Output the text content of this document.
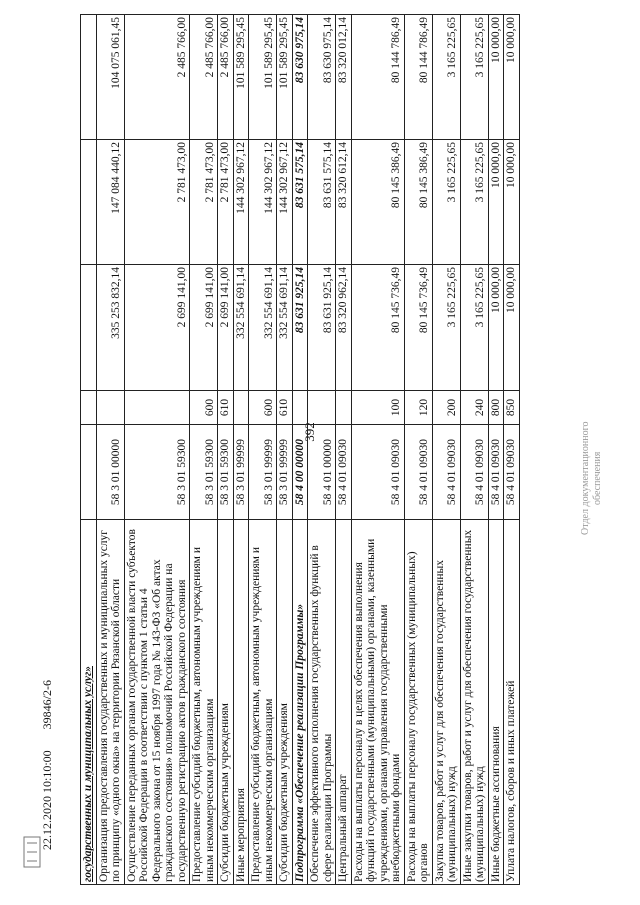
392
государственных и муниципальных услуг»					
Организация предоставления государственных и муниципальных услуг по принципу «одного окна» на территории Рязанской области	58 3 01 00000		335 253 832,14	147 084 440,12	104 075 061,45
Осуществление переданных органам государственной власти субъектов Российской Федерации в соответствии с пунктом 1 статьи 4 Федерального закона от 15 ноября 1997 года № 143-ФЗ «Об актах гражданского состояния» полномочий Российской Федерации на государственную регистрацию актов гражданского состояния	58 3 01 59300		2 699 141,00	2 781 473,00	2 485 766,00
Предоставление субсидий бюджетным, автономным учреждениям и иным некоммерческим организациям	58 3 01 59300	600	2 699 141,00	2 781 473,00	2 485 766,00
Субсидии бюджетным учреждениям	58 3 01 59300	610	2 699 141,00	2 781 473,00	2 485 766,00
Иные мероприятия	58 3 01 99999		332 554 691,14	144 302 967,12	101 589 295,45
Предоставление субсидий бюджетным, автономным учреждениям и иным некоммерческим организациям	58 3 01 99999	600	332 554 691,14	144 302 967,12	101 589 295,45
Субсидии бюджетным учреждениям	58 3 01 99999	610	332 554 691,14	144 302 967,12	101 589 295,45
Подпрограмма «Обеспечение реализации Программы»	58 4 00 00000		83 631 925,14	83 631 575,14	83 630 975,14
Обеспечение эффективного исполнения государственных функций в сфере реализации Программы	58 4 01 00000		83 631 925,14	83 631 575,14	83 630 975,14
Центральный аппарат	58 4 01 09030		83 320 962,14	83 320 612,14	83 320 012,14
Расходы на выплаты персоналу в целях обеспечения выполнения функций государственными (муниципальными) органами, казенными учреждениями, органами управления государственными внебюджетными фондами	58 4 01 09030	100	80 145 736,49	80 145 386,49	80 144 786,49
Расходы на выплаты персоналу государственных (муниципальных) органов	58 4 01 09030	120	80 145 736,49	80 145 386,49	80 144 786,49
Закупка товаров, работ и услуг для обеспечения государственных (муниципальных) нужд	58 4 01 09030	200	3 165 225,65	3 165 225,65	3 165 225,65
Иные закупки товаров, работ и услуг для обеспечения государственных (муниципальных) нужд	58 4 01 09030	240	3 165 225,65	3 165 225,65	3 165 225,65
Иные бюджетные ассигнования	58 4 01 09030	800	10 000,00	10 000,00	10 000,00
Уплата налогов, сборов и иных платежей	58 4 01 09030	850	10 000,00	10 000,00	10 000,00
Отдел документационного обеспечения
22.12.2020 10:10:00 39846/2-6
